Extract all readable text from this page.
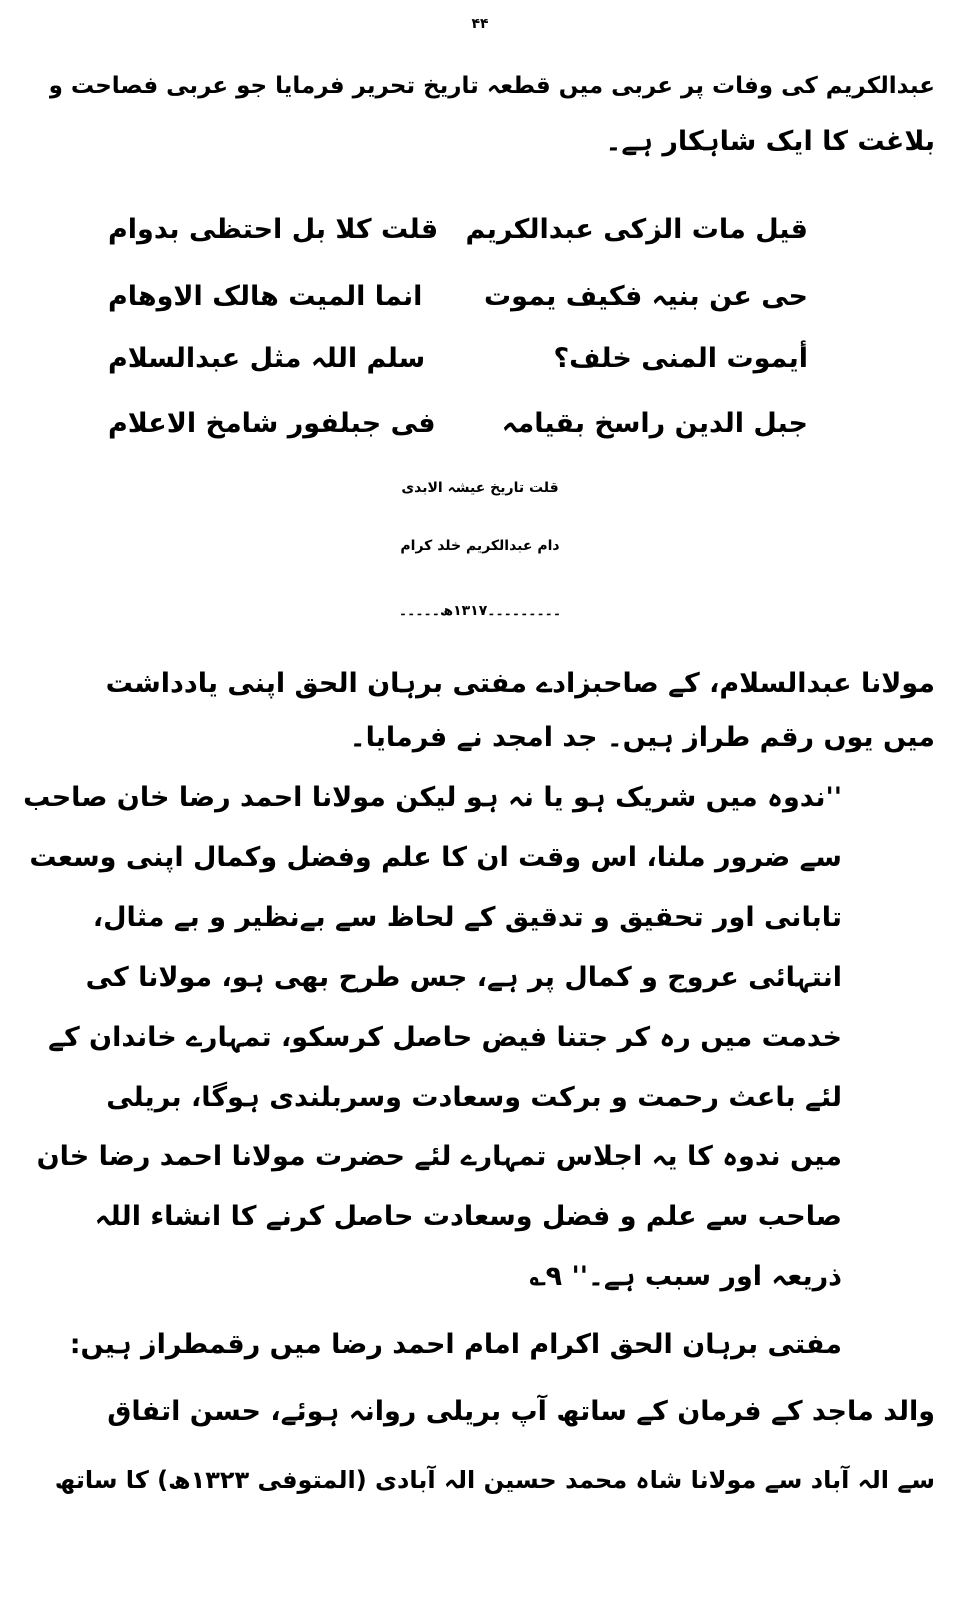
۴۴
عبدالکریم کی وفات پر عربی میں قطعہ تاریخ تحریر فرمایا جو عربی فصاحت و
بلاغت کا ایک شاہکار ہے۔
قیل مات الزکی عبدالکریم
قلت کلا بل احتظی بدوام
حی عن بنیہ فکیف یموت
انما المیت ھالک الاوھام
أیموت المنی خلف؟
سلم اللہ مثل عبدالسلام
جبل الدین راسخ بقیامہ
فی جبلفور شامخ الاعلام
قلت تاریخ عیشہ الابدی
دام عبدالکریم خلد کرام
۔۔۔۔۔۔۔۔۔۱۳۱۷ھ۔۔۔۔۔
مولانا عبدالسلام، کے صاحبزادے مفتی برہان الحق اپنی یادداشت
میں یوں رقم طراز ہیں۔ جد امجد نے فرمایا۔
''ندوہ میں شریک ہو یا نہ ہو لیکن مولانا احمد رضا خان صاحب
سے ضرور ملنا، اس وقت ان کا علم وفضل وکمال اپنی وسعت
تابانی اور تحقیق و تدقیق کے لحاظ سے بےنظیر و بے مثال،
انتہائی عروج و کمال پر ہے، جس طرح بھی ہو، مولانا کی
خدمت میں رہ کر جتنا فیض حاصل کرسکو، تمہارے خاندان کے
لئے باعث رحمت و برکت وسعادت وسربلندی ہوگا، بریلی
میں ندوہ کا یہ اجلاس تمہارے لئے حضرت مولانا احمد رضا خان
صاحب سے علم و فضل وسعادت حاصل کرنے کا انشاء اللہ
ذریعہ اور سبب ہے۔'' ۹؎
مفتی برہان الحق اکرام امام احمد رضا میں رقمطراز ہیں:
والد ماجد کے فرمان کے ساتھ آپ بریلی روانہ ہوئے، حسن اتفاق
سے الہ آباد سے مولانا شاہ محمد حسین الہ آبادی (المتوفی ۱۳۲۳ھ) کا ساتھ
